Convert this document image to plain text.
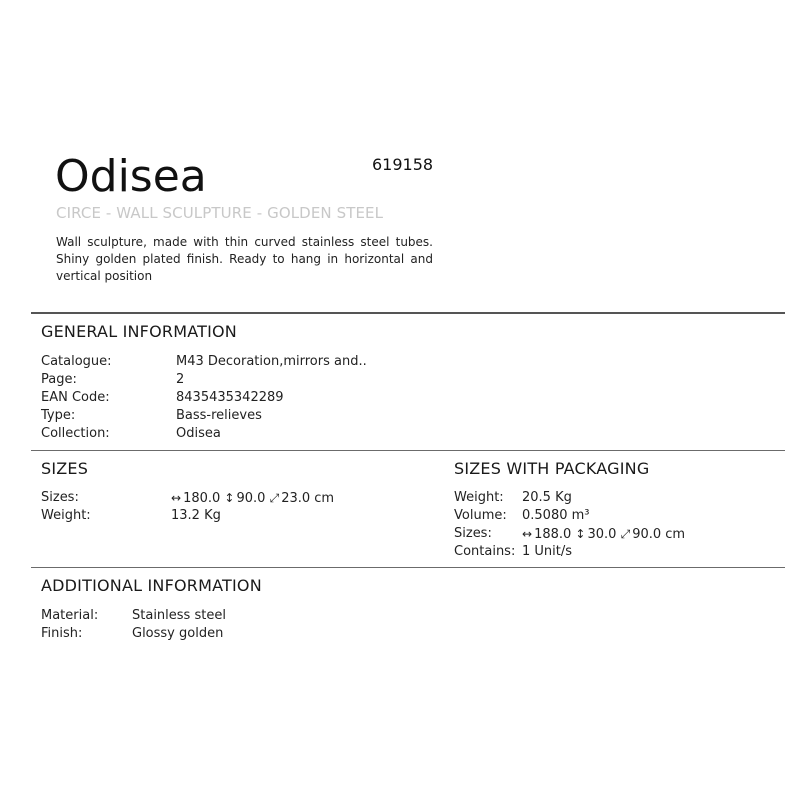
Odisea	619158
CIRCE - WALL SCULPTURE - GOLDEN STEEL
Wall sculpture, made with thin curved stainless steel tubes. Shiny golden plated finish. Ready to hang in horizontal and vertical position
GENERAL INFORMATION
Catalogue:	M43 Decoration,mirrors and..
Page:	2
EAN Code:	8435435342289
Type:	Bass-relieves
Collection:	Odisea
SIZES
Sizes:	↔ 180.0 ↕ 90.0 ⤢ 23.0 cm
Weight:	13.2 Kg
SIZES WITH PACKAGING
Weight: 20.5 Kg
Volume: 0.5080 m³
Sizes:	↔ 188.0 ↕ 30.0 ⤢ 90.0 cm
Contains: 1 Unit/s
ADDITIONAL INFORMATION
Material:	Stainless steel
Finish:	Glossy golden
